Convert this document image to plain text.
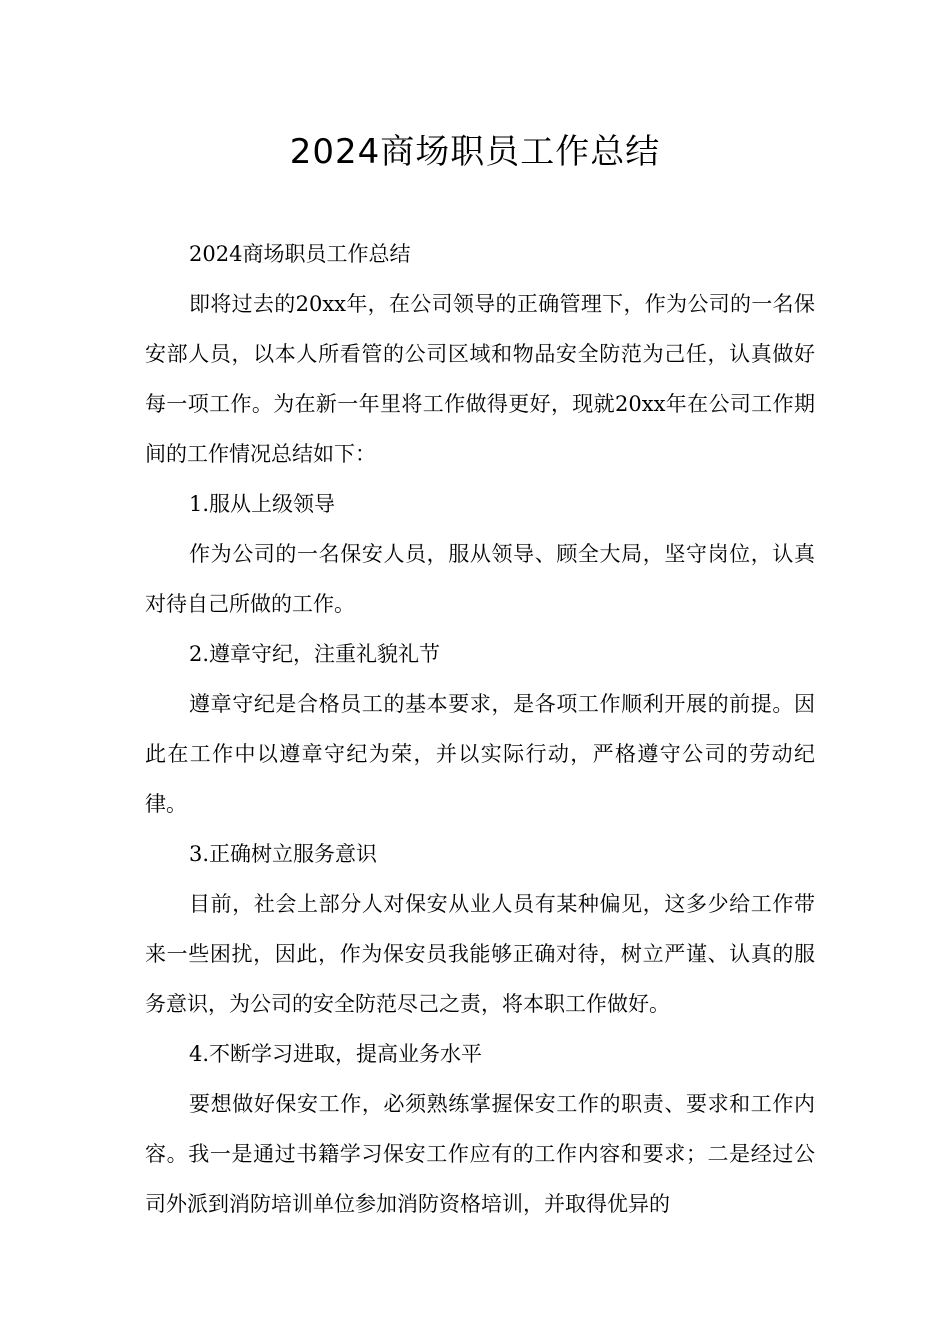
2024商场职员工作总结

2024商场职员工作总结

即将过去的20xx年，在公司领导的正确管理下，作为公司的一名保安部人员，以本人所看管的公司区域和物品安全防范为己任，认真做好每一项工作。为在新一年里将工作做得更好，现就20xx年在公司工作期间的工作情况总结如下：

1.服从上级领导

作为公司的一名保安人员，服从领导、顾全大局，坚守岗位，认真对待自己所做的工作。

2.遵章守纪，注重礼貌礼节

遵章守纪是合格员工的基本要求，是各项工作顺利开展的前提。因此在工作中以遵章守纪为荣，并以实际行动，严格遵守公司的劳动纪律。

3.正确树立服务意识

目前，社会上部分人对保安从业人员有某种偏见，这多少给工作带来一些困扰，因此，作为保安员我能够正确对待，树立严谨、认真的服务意识，为公司的安全防范尽己之责，将本职工作做好。

4.不断学习进取，提高业务水平

要想做好保安工作，必须熟练掌握保安工作的职责、要求和工作内容。我一是通过书籍学习保安工作应有的工作内容和要求；二是经过公司外派到消防培训单位参加消防资格培训，并取得优异的
